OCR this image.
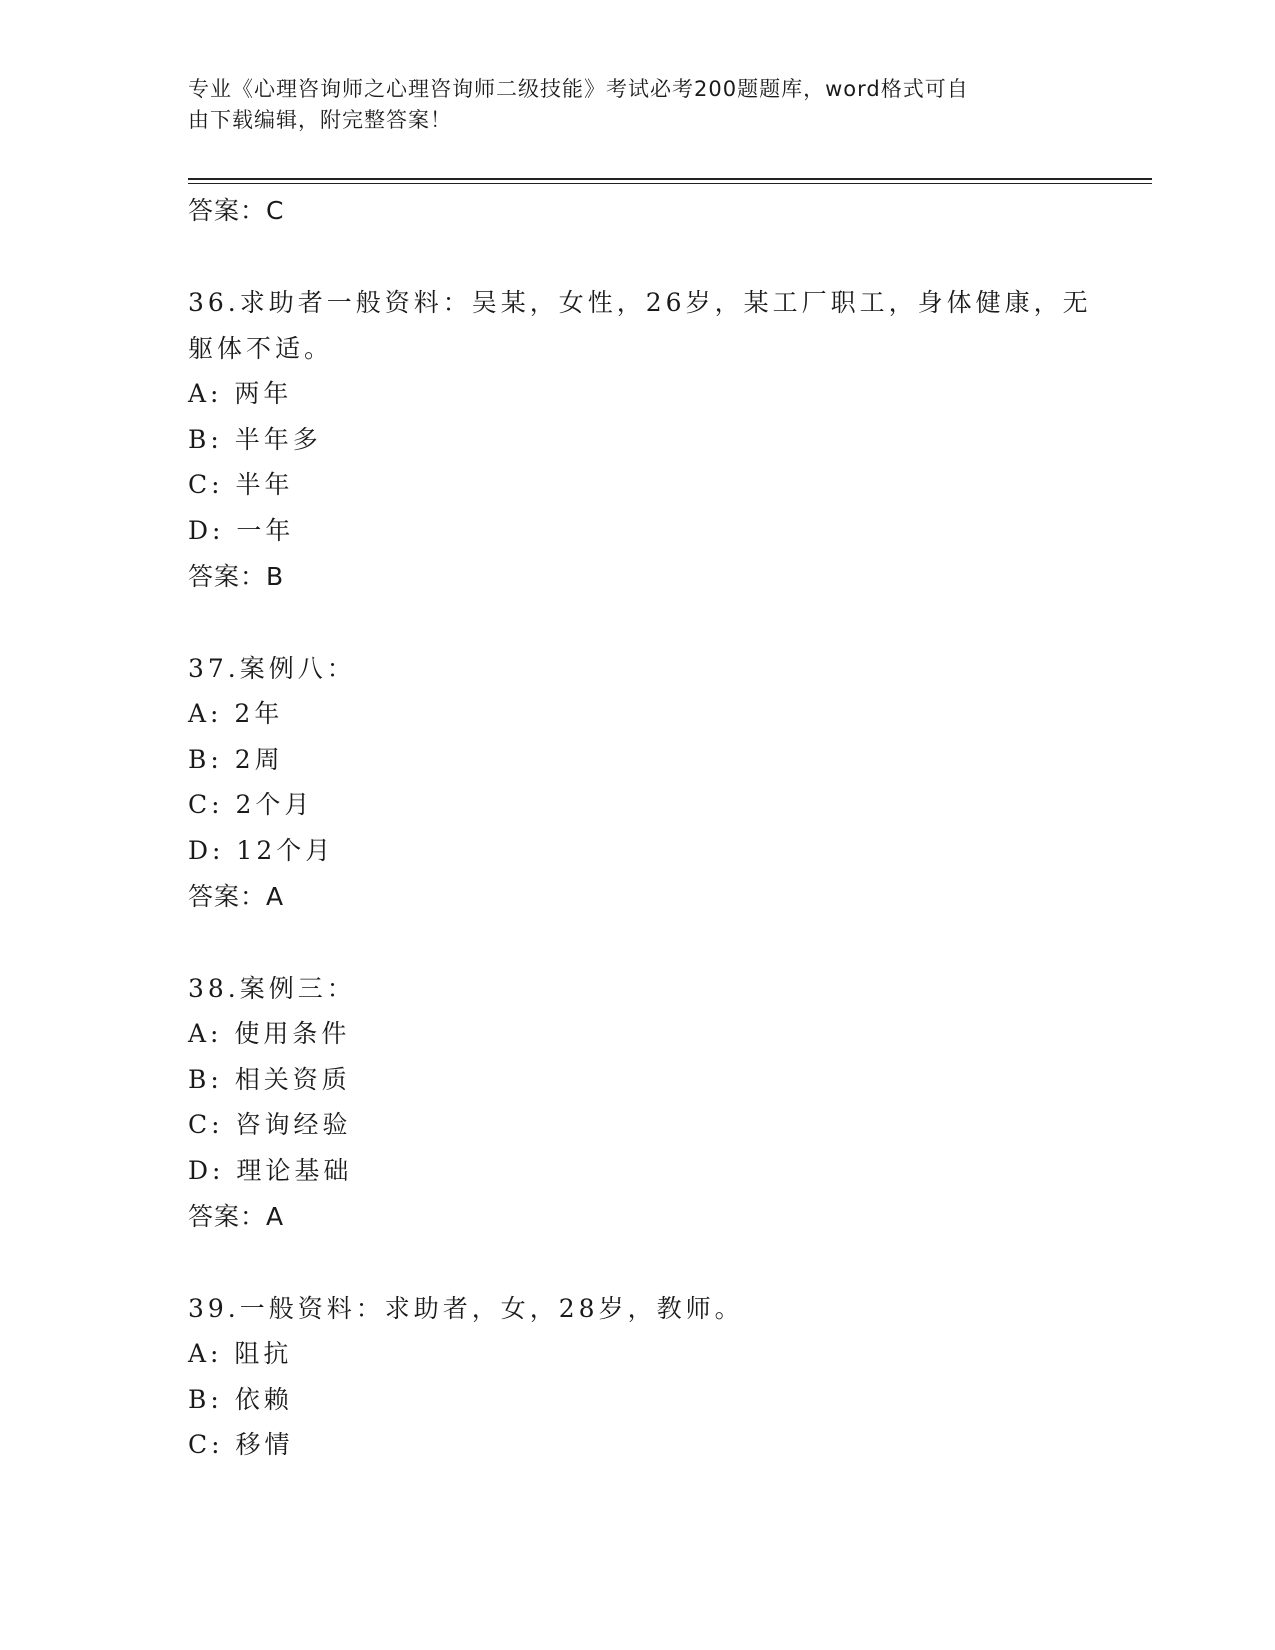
专业《心理咨询师之心理咨询师二级技能》考试必考200题题库，word格式可自
由下载编辑，附完整答案！
答案：C
36.求助者一般资料：吴某，女性，26岁，某工厂职工，身体健康，无
躯体不适。
A: 两年
B: 半年多
C: 半年
D: 一年
答案：B
37.案例八：
A: 2年
B: 2周
C: 2个月
D: 12个月
答案：A
38.案例三：
A: 使用条件
B: 相关资质
C: 咨询经验
D: 理论基础
答案：A
39.一般资料：求助者，女，28岁，教师。
A: 阻抗
B: 依赖
C: 移情
